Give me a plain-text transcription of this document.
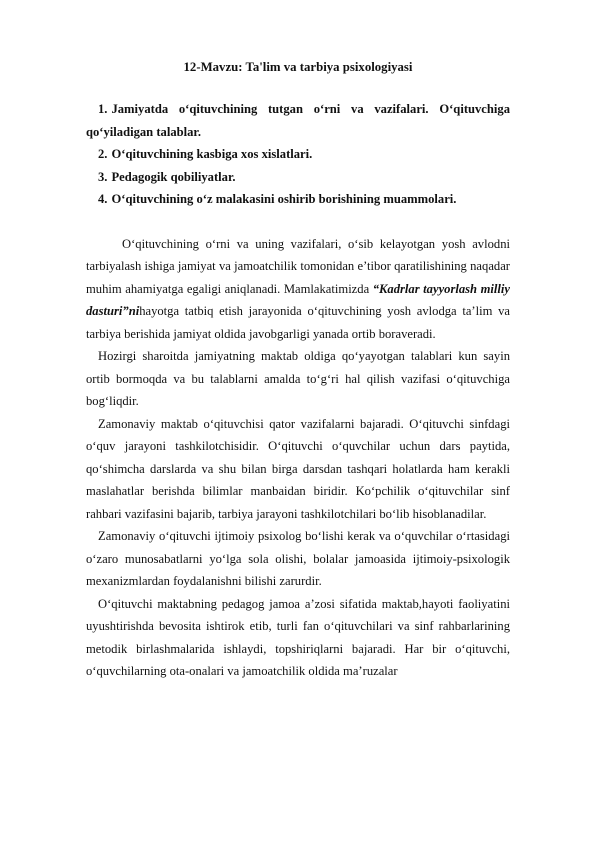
12-Mavzu: Ta'lim va tarbiya psixologiyasi
1. Jamiyatda o‘qituvchining tutgan o‘rni va vazifalari. O‘qituvchiga qo‘yiladigan talablar.
2. O‘qituvchining kasbiga xos xislatlari.
3. Pedagogik qobiliyatlar.
4. O‘qituvchining o‘z malakasini oshirib borishining muammolari.

O‘qituvchining o‘rni va uning vazifalari, o‘sib kelayotgan yosh avlodni tarbiyalash ishiga jamiyat va jamoatchilik tomonidan e’tibor qaratilishining naqadar muhim ahamiyatga egaligi aniqlanadi. Mamlakatimizda “Kadrlar tayyorlash milliy dasturi”nihayotga tatbiq etish jarayonida o‘qituvchining yosh avlodga ta’lim va tarbiya berishida jamiyat oldida javobgarligi yanada ortib boraveradi.

Hozirgi sharoitda jamiyatning maktab oldiga qo‘yayotgan talablari kun sayin ortib bormoqda va bu talablarni amalda to‘g‘ri hal qilish vazifasi o‘qituvchiga bog‘liqdir.

Zamonaviy maktab o‘qituvchisi qator vazifalarni bajaradi. O‘qituvchi sinfdagi o‘quv jarayoni tashkilotchisidir. O‘qituvchi o‘quvchilar uchun dars paytida, qo‘shimcha darslarda va shu bilan birga darsdan tashqari holatlarda ham kerakli maslahatlar berishda bilimlar manbaidan biridir. Ko‘pchilik o‘qituvchilar sinf rahbari vazifasini bajarib, tarbiya jarayoni tashkilotchilari bo‘lib hisoblanadilar.

Zamonaviy o‘qituvchi ijtimoiy psixolog bo‘lishi kerak va o‘quvchilar o‘rtasidagi o‘zaro munosabatlarni yo‘lga sola olishi, bolalar jamoasida ijtimoiy-psixologik mexanizmlardan foydalanishni bilishi zarurdir.

O‘qituvchi maktabning pedagog jamoa a’zosi sifatida maktab,hayoti faoliyatini uyushtirishda bevosita ishtirok etib, turli fan o‘qituvchilari va sinf rahbarlarining metodik birlashmalarida ishlaydi, topshiriqlarni bajaradi. Har bir o‘qituvchi, o‘quvchilarning ota-onalari va jamoatchilik oldida ma’ruzalar
